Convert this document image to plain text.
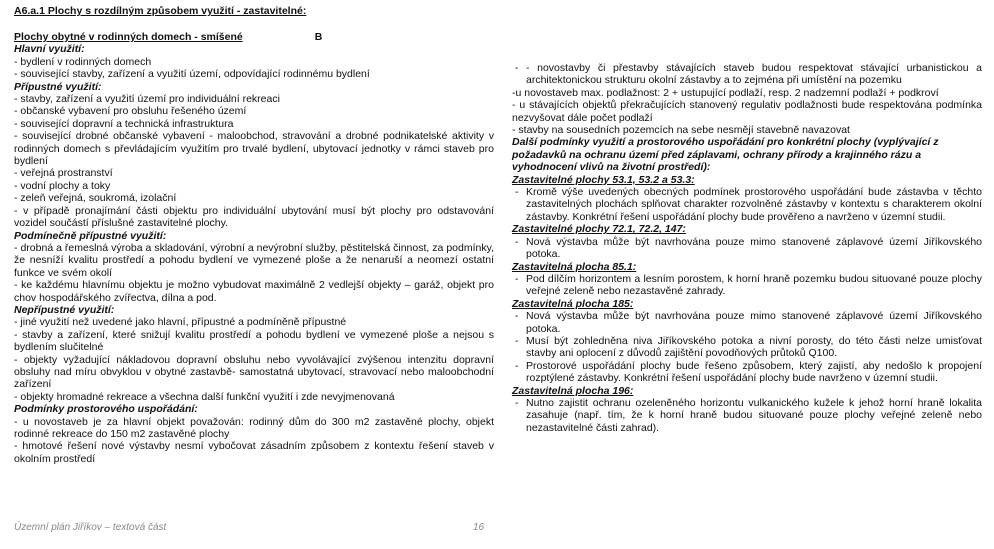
A6.a.1 Plochy s rozdílným způsobem využití - zastavitelné:
Plochy obytné v rodinných domech - smíšené	B
Hlavní využití:

- bydlení v rodinných domech

- související stavby, zařízení a využití území, odpovídající rodinnému bydlení

Přípustné využití:

- stavby, zařízení a využití území pro individuální rekreaci

- občanské vybavení pro obsluhu řešeného území

- související dopravní a technická infrastruktura

- související drobné občanské vybavení - maloobchod, stravování a drobné podnikatelské aktivity v rodinných domech s převládajícím využitím pro trvalé bydlení, ubytovací jednotky v rámci staveb pro bydlení

- veřejná prostranství

- vodní plochy a toky

- zeleň veřejná, soukromá, izolační

- v případě pronajímání části objektu pro individuální ubytování musí být plochy pro odstavování vozidel součástí příslušné zastavitelné plochy.

Podmínečně přípustné využití:

- drobná a řemeslná výroba a skladování, výrobní a nevýrobní služby, pěstitelská činnost, za podmínky, že nesníží kvalitu prostředí a pohodu bydlení ve vymezené ploše a že nenaruší a neomezí ostatní funkce ve svém okolí

- ke každému hlavnímu objektu je možno vybudovat maximálně 2 vedlejší objekty – garáž, objekt pro chov hospodářského zvířectva, dílna a pod.

Nepřípustné využití:

- jiné využití než uvedené jako hlavní, přípustné a podmíněně přípustné

- stavby a zařízení, které snižují kvalitu prostředí a pohodu bydlení ve vymezené ploše a nejsou s bydlením slučitelné

- objekty vyžadující nákladovou dopravní obsluhu nebo vyvolávající zvýšenou intenzitu dopravní obsluhy nad míru obvyklou v obytné zastavbě- samostatná ubytovací, stravovací nebo maloobchodní zařízení

- objekty hromadné rekreace a všechna další funkční využití i zde nevyjmenovaná

Podmínky prostorového uspořádání:

- u novostaveb je za hlavní objekt považován: rodinný dům do 300 m2 zastavěné plochy, objekt rodinné rekreace do 150 m2 zastavěné plochy

- hmotové řešení nové výstavby nesmí vybočovat zásadním způsobem z kontextu řešení staveb v okolním prostředí

- - novostavby či přestavby stávajících staveb budou respektovat stávající urbanistickou a architektonickou strukturu okolní zástavby a to zejména při umístění na pozemku

-u novostaveb max. podlažnost: 2 + ustupující podlaží, resp. 2 nadzemní podlaží + podkroví

- u stávajících objektů překračujících stanovený regulativ podlažnosti bude respektována podmínka nezvyšovat dále počet podlaží

- stavby na sousedních pozemcích na sebe nesmějí stavebně navazovat

Další podmínky využití a prostorového uspořádání pro konkrétní plochy (vyplývající z požadavků na ochranu území před záplavami, ochrany přírody a krajinného rázu a vyhodnocení vlivů na životní prostředí):
Zastavitelné plochy 53.1, 53.2 a 53.3:
- Kromě výše uvedených obecných podmínek prostorového uspořádání bude zástavba v těchto zastavitelných plochách splňovat charakter rozvolněné zástavby v kontextu s charakterem okolní zástavby. Konkrétní řešení uspořádání plochy bude prověřeno a navrženo v územní studii.
Zastavitelné plochy 72.1, 72.2, 147:
- Nová výstavba může být navrhována pouze mimo stanovené záplavové území Jiříkovského potoka.
Zastavitelná plocha 85.1:
- Pod dílčím horizontem a lesním porostem, k horní hraně pozemku budou situované pouze plochy veřejné zeleně nebo nezastavěné zahrady.
Zastavitelná plocha 185:
- Nová výstavba může být navrhována pouze mimo stanovené záplavové území Jiříkovského potoka.
- Musí být zohledněna niva Jiříkovského potoka a nivní porosty, do této části nelze umisťovat stavby ani oplocení z důvodů zajištění povodňových průtoků Q100.
- Prostorové uspořádání plochy bude řešeno způsobem, který zajistí, aby nedošlo k propojení rozptýlené zástavby. Konkrétní řešení uspořádání plochy bude navrženo v územní studii.
Zastavitelná plocha 196:
- Nutno zajistit ochranu ozeleněného horizontu vulkanického kužele k jehož horní hraně lokalita zasahuje (např. tím, že k horní hraně budou situované pouze plochy veřejné zeleně nebo nezastavitelné části zahrad).
Územní plán Jiříkov – textová část	16
